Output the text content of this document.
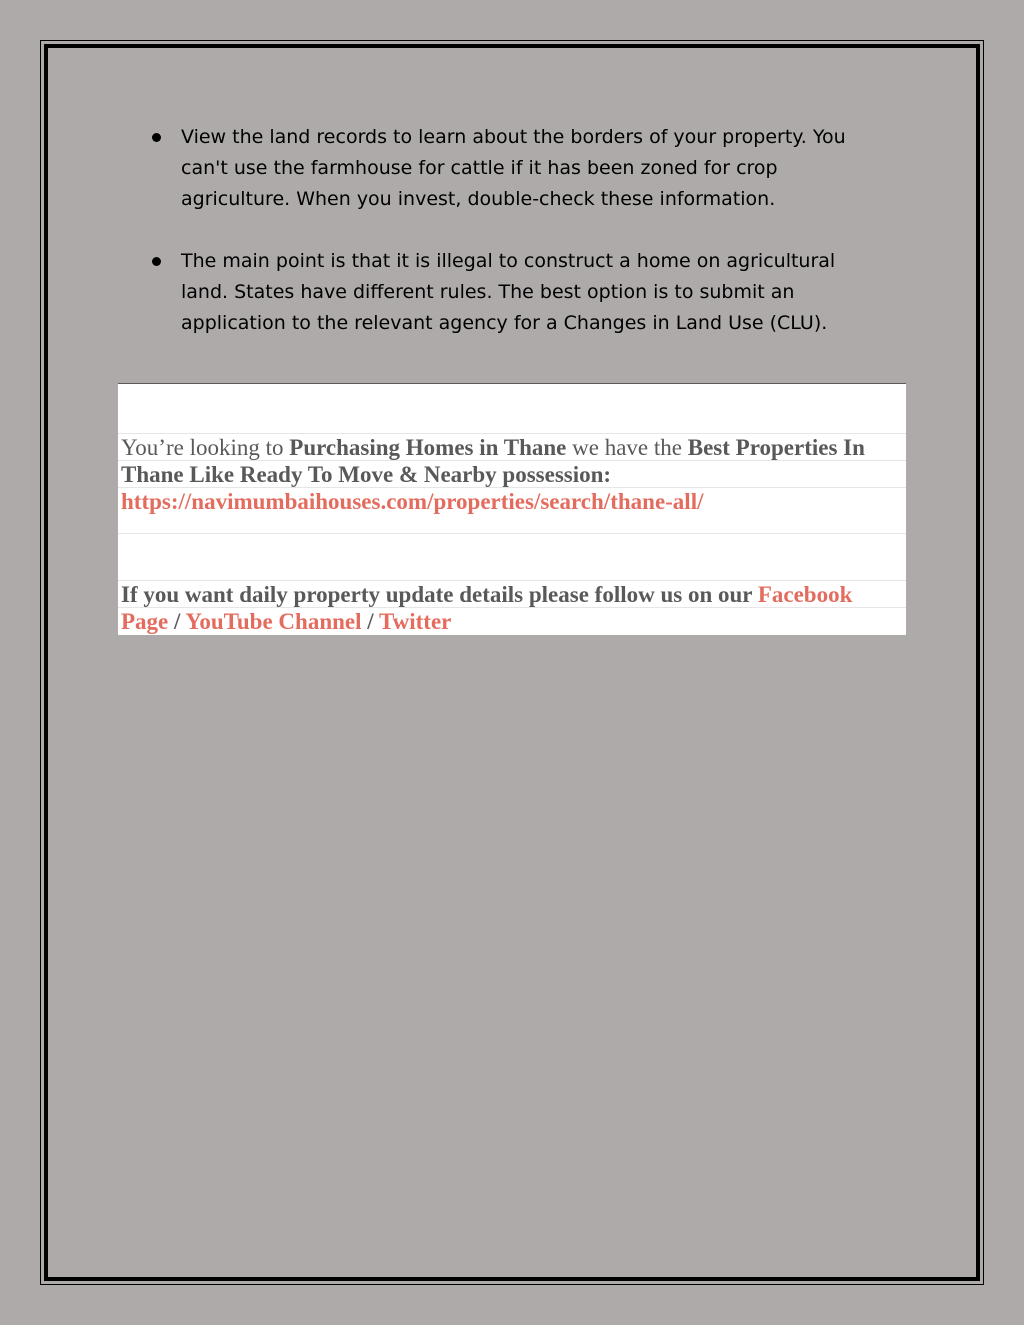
View the land records to learn about the borders of your property. You can't use the farmhouse for cattle if it has been zoned for crop agriculture. When you invest, double-check these information.
The main point is that it is illegal to construct a home on agricultural land. States have different rules. The best option is to submit an application to the relevant agency for a Changes in Land Use (CLU).

You’re looking to Purchasing Homes in Thane we have the Best Properties In Thane Like Ready To Move & Nearby possession: https://navimumbaihouses.com/properties/search/thane-all/

If you want daily property update details please follow us on our Facebook Page / YouTube Channel / Twitter
